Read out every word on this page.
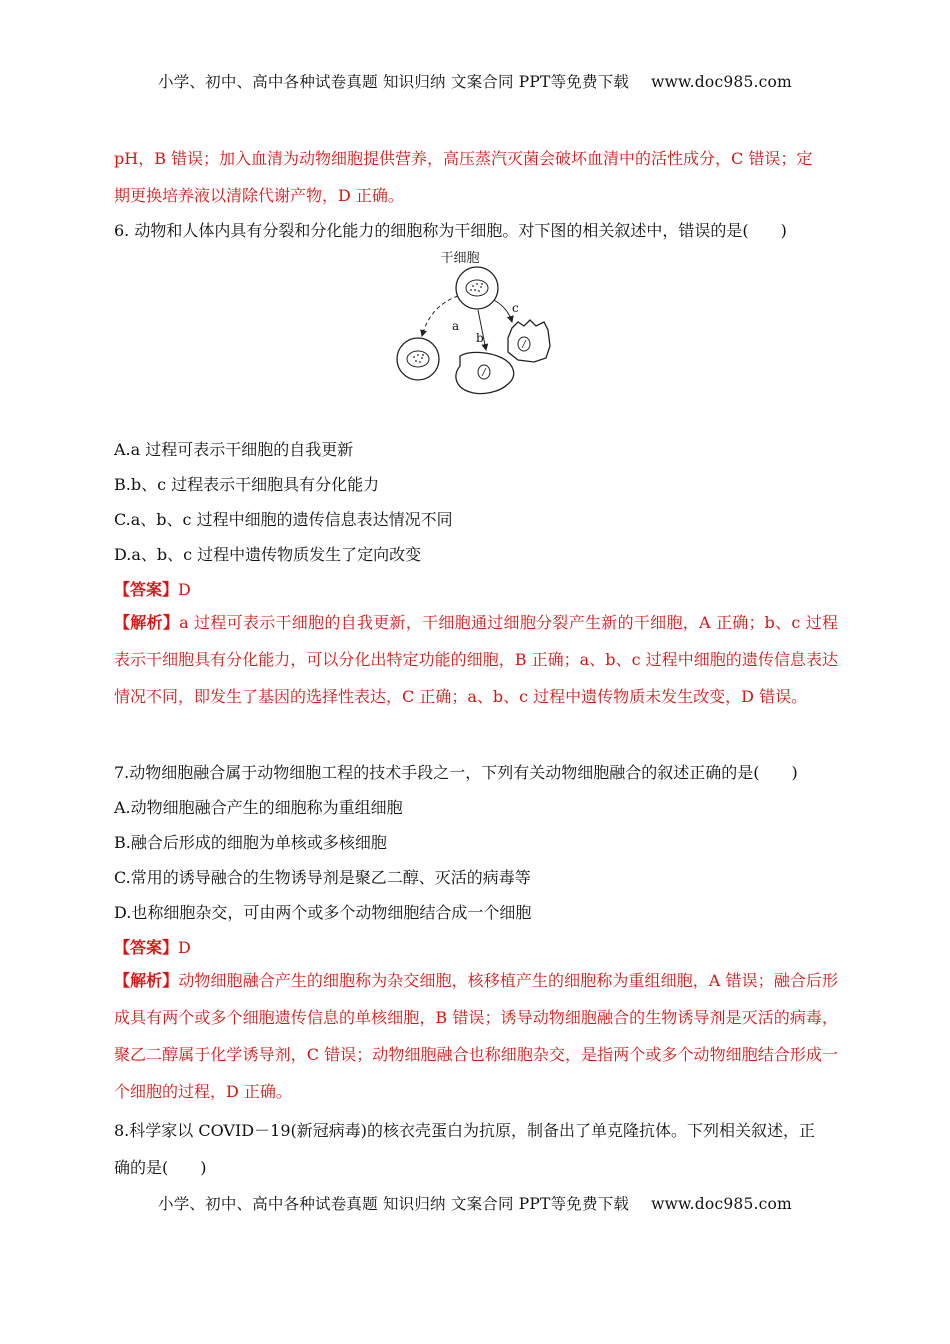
小学、初中、高中各种试卷真题 知识归纳 文案合同 PPT等免费下载 www.doc985.com
pH，B 错误；加入血清为动物细胞提供营养，高压蒸汽灭菌会破坏血清中的活性成分，C 错误；定
期更换培养液以清除代谢产物，D 正确。
6. 动物和人体内具有分裂和分化能力的细胞称为干细胞。对下图的相关叙述中，错误的是(　　)
干细胞
a
b
c
A.a 过程可表示干细胞的自我更新
B.b、c 过程表示干细胞具有分化能力
C.a、b、c 过程中细胞的遗传信息表达情况不同
D.a、b、c 过程中遗传物质发生了定向改变
【答案】D
【解析】a 过程可表示干细胞的自我更新，干细胞通过细胞分裂产生新的干细胞，A 正确；b、c 过程表示干细胞具有分化能力，可以分化出特定功能的细胞，B 正确；a、b、c 过程中细胞的遗传信息表达情况不同，即发生了基因的选择性表达，C 正确；a、b、c 过程中遗传物质未发生改变，D 错误。
7.动物细胞融合属于动物细胞工程的技术手段之一，下列有关动物细胞融合的叙述正确的是(　　)
A.动物细胞融合产生的细胞称为重组细胞
B.融合后形成的细胞为单核或多核细胞
C.常用的诱导融合的生物诱导剂是聚乙二醇、灭活的病毒等
D.也称细胞杂交，可由两个或多个动物细胞结合成一个细胞
【答案】D
【解析】动物细胞融合产生的细胞称为杂交细胞，核移植产生的细胞称为重组细胞，A 错误；融合后形成具有两个或多个细胞遗传信息的单核细胞，B 错误；诱导动物细胞融合的生物诱导剂是灭活的病毒，聚乙二醇属于化学诱导剂，C 错误；动物细胞融合也称细胞杂交，是指两个或多个动物细胞结合形成一个细胞的过程，D 正确。
8.科学家以 COVID－19(新冠病毒)的核衣壳蛋白为抗原，制备出了单克隆抗体。下列相关叙述，正
确的是(　　)
小学、初中、高中各种试卷真题 知识归纳 文案合同 PPT等免费下载 www.doc985.com
